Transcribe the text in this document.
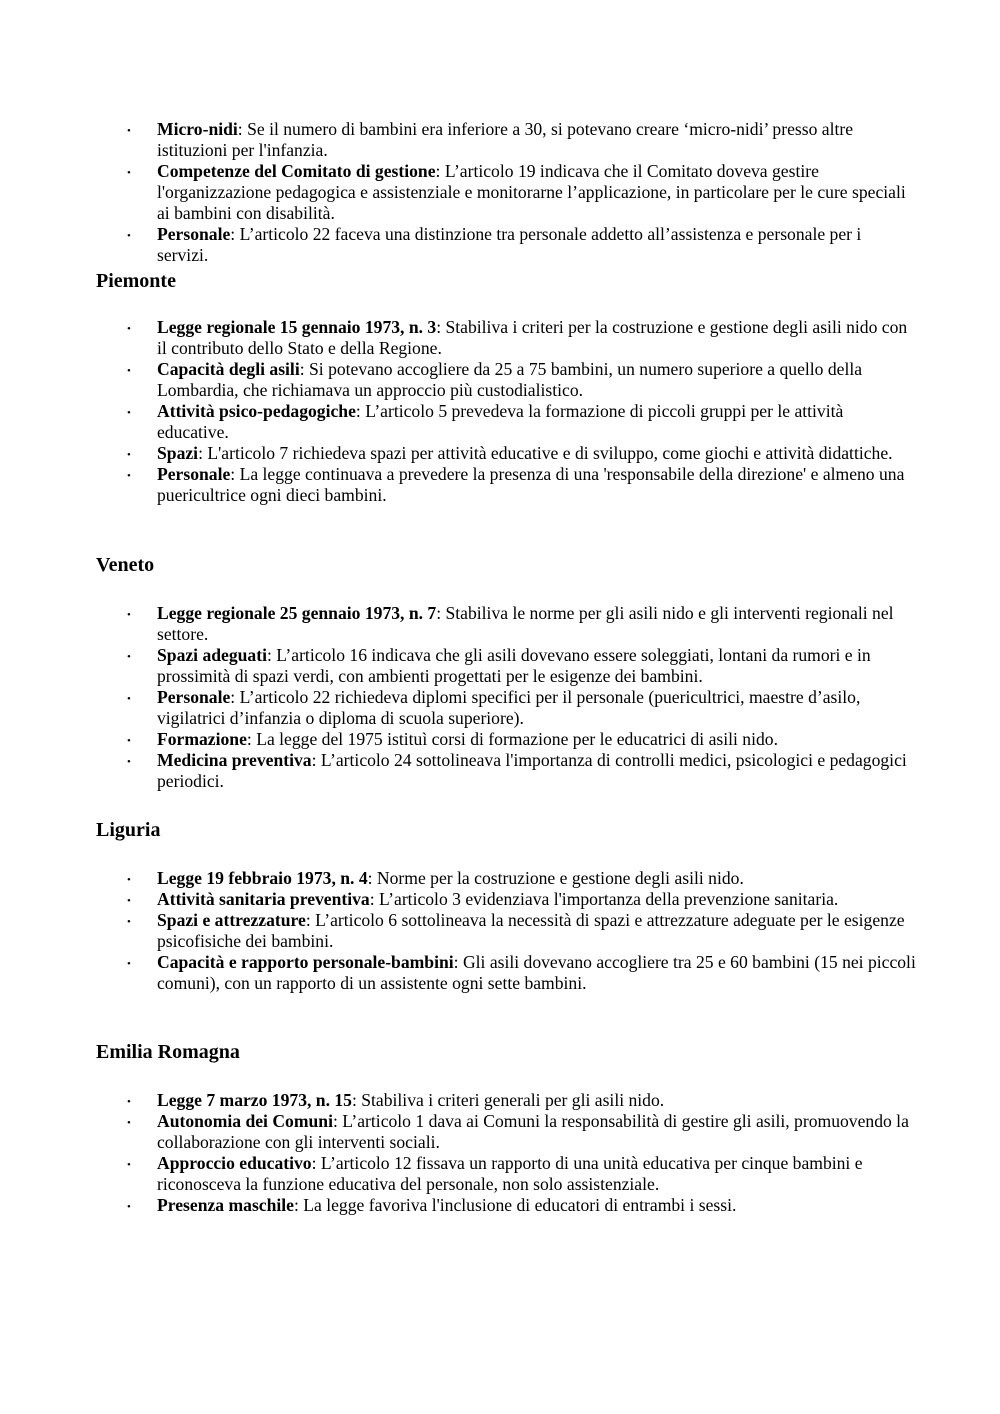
• Micro-nidi: Se il numero di bambini era inferiore a 30, si potevano creare ‘micro-nidi’ presso altre istituzioni per l'infanzia.
• Competenze del Comitato di gestione: L’articolo 19 indicava che il Comitato doveva gestire l'organizzazione pedagogica e assistenziale e monitorarne l’applicazione, in particolare per le cure speciali ai bambini con disabilità.
• Personale: L’articolo 22 faceva una distinzione tra personale addetto all’assistenza e personale per i servizi.
Piemonte
• Legge regionale 15 gennaio 1973, n. 3: Stabiliva i criteri per la costruzione e gestione degli asili nido con il contributo dello Stato e della Regione.
• Capacità degli asili: Si potevano accogliere da 25 a 75 bambini, un numero superiore a quello della Lombardia, che richiamava un approccio più custodialistico.
• Attività psico-pedagogiche: L’articolo 5 prevedeva la formazione di piccoli gruppi per le attività educative.
• Spazi: L'articolo 7 richiedeva spazi per attività educative e di sviluppo, come giochi e attività didattiche.
• Personale: La legge continuava a prevedere la presenza di una 'responsabile della direzione' e almeno una puericultrice ogni dieci bambini.
Veneto
• Legge regionale 25 gennaio 1973, n. 7: Stabiliva le norme per gli asili nido e gli interventi regionali nel settore.
• Spazi adeguati: L’articolo 16 indicava che gli asili dovevano essere soleggiati, lontani da rumori e in prossimità di spazi verdi, con ambienti progettati per le esigenze dei bambini.
• Personale: L’articolo 22 richiedeva diplomi specifici per il personale (puericultrici, maestre d’asilo, vigilatrici d’infanzia o diploma di scuola superiore).
• Formazione: La legge del 1975 istituì corsi di formazione per le educatrici di asili nido.
• Medicina preventiva: L’articolo 24 sottolineava l'importanza di controlli medici, psicologici e pedagogici periodici.
Liguria
• Legge 19 febbraio 1973, n. 4: Norme per la costruzione e gestione degli asili nido.
• Attività sanitaria preventiva: L’articolo 3 evidenziava l'importanza della prevenzione sanitaria.
• Spazi e attrezzature: L’articolo 6 sottolineava la necessità di spazi e attrezzature adeguate per le esigenze psicofisiche dei bambini.
• Capacità e rapporto personale-bambini: Gli asili dovevano accogliere tra 25 e 60 bambini (15 nei piccoli comuni), con un rapporto di un assistente ogni sette bambini.
Emilia Romagna
• Legge 7 marzo 1973, n. 15: Stabiliva i criteri generali per gli asili nido.
• Autonomia dei Comuni: L’articolo 1 dava ai Comuni la responsabilità di gestire gli asili, promuovendo la collaborazione con gli interventi sociali.
• Approccio educativo: L’articolo 12 fissava un rapporto di una unità educativa per cinque bambini e riconosceva la funzione educativa del personale, non solo assistenziale.
• Presenza maschile: La legge favoriva l'inclusione di educatori di entrambi i sessi.
